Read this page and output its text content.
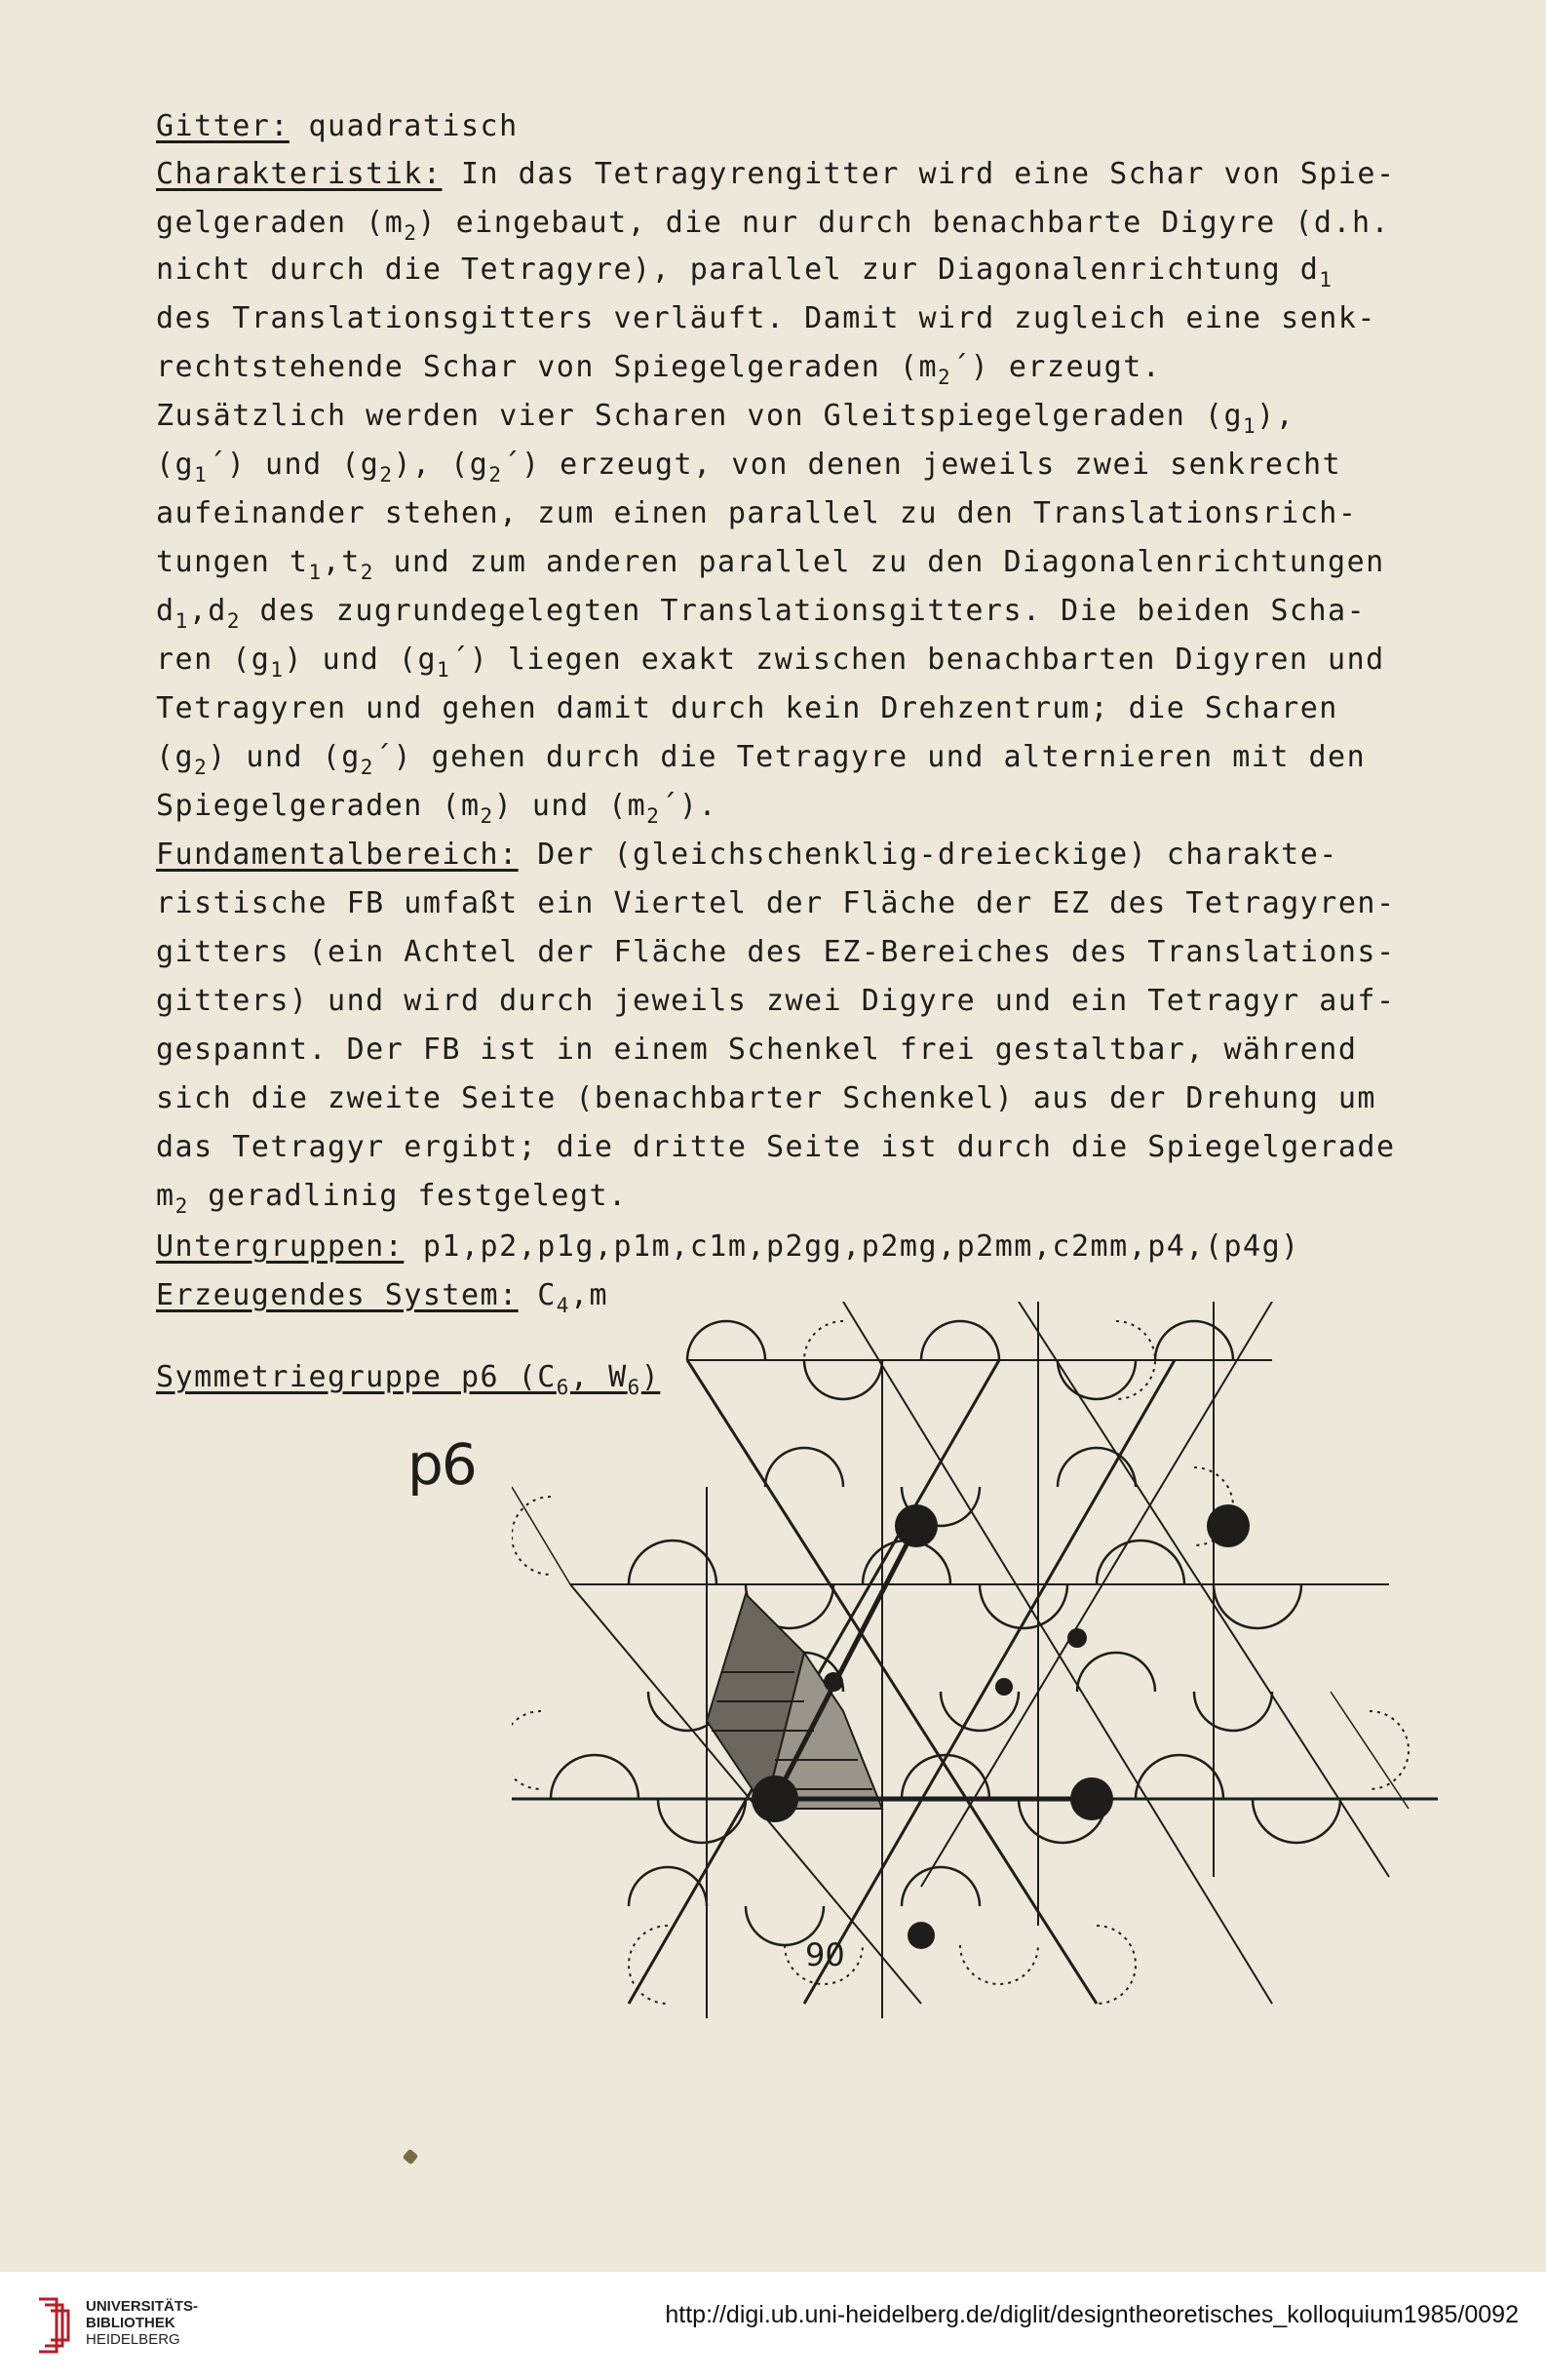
Gitter: quadratisch
Charakteristik: In das Tetragyrengitter wird eine Schar von Spie-
gelgeraden $(m_2)$ eingebaut, die nur durch benachbarte Digyre (d.h.
nicht durch die Tetragyre), parallel zur Diagonalenrichtung $d_1$
des Translationsgitters verläuft. Damit wird zugleich eine senk-
rechtstehende Schar von Spiegelgeraden $(m_2´)$ erzeugt.
Zusätzlich werden vier Scharen von Gleitspiegelgeraden $(g_1)$,
$(g_1´)$ und $(g_2)$, $(g_2´)$ erzeugt, von denen jeweils zwei senkrecht
aufeinander stehen, zum einen parallel zu den Translationsrich-
tungen $t_1,t_2$ und zum anderen parallel zu den Diagonalenrichtungen
$d_1,d_2$ des zugrundegelegten Translationsgitters. Die beiden Scha-
ren $(g_1)$ und $(g_1´)$ liegen exakt zwischen benachbarten Digyren und
Tetragyren und gehen damit durch kein Drehzentrum; die Scharen
$(g_2)$ und $(g_2´)$ gehen durch die Tetragyre und alternieren mit den
Spiegelgeraden $(m_2)$ und $(m_2´)$.
Fundamentalbereich: Der (gleichschenklig-dreieckige) charakte-
ristische FB umfaßt ein Viertel der Fläche der EZ des Tetragyren-
gitters (ein Achtel der Fläche des EZ-Bereiches des Translations-
gitters) und wird durch jeweils zwei Digyre und ein Tetragyr auf-
gespannt. Der FB ist in einem Schenkel frei gestaltbar, während
sich die zweite Seite (benachbarter Schenkel) aus der Drehung um
das Tetragyr ergibt; die dritte Seite ist durch die Spiegelgerade
$m_2$ geradlinig festgelegt.
Untergruppen: p1,p2,p1g,p1m,c1m,p2gg,p2mg,p2mm,c2mm,p4,(p4g)
Erzeugendes System: $C_4,m$
Symmetriegruppe p6 ($C_6$, $W_6$)
p6
90
UNIVERSITÄTS-
BIBLIOTHEK
HEIDELBERG
http://digi.ub.uni-heidelberg.de/diglit/designtheoretisches_kolloquium1985/0092
